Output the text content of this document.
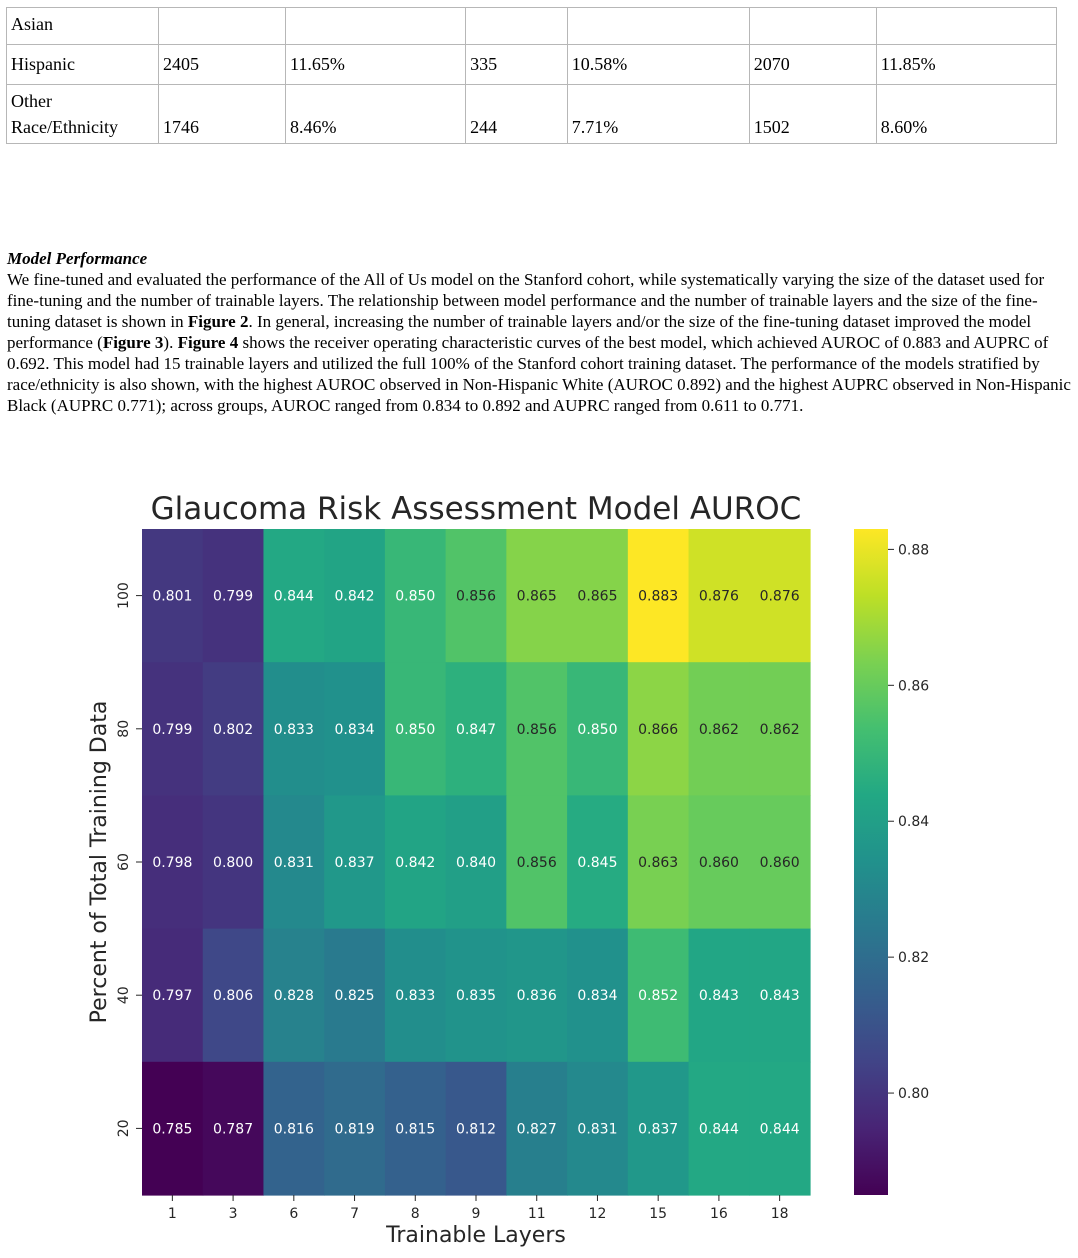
Asian						
Hispanic	2405	11.65%	335	10.58%	2070	11.85%
Other
Race/Ethnicity	1746	8.46%	244	7.71%	1502	8.60%
Model Performance

We fine-tuned and evaluated the performance of the All of Us model on the Stanford cohort, while systematically varying the size of the dataset used for fine-tuning and the number of trainable layers. The relationship between model performance and the number of trainable layers and the size of the fine-tuning dataset is shown in Figure 2. In general, increasing the number of trainable layers and/or the size of the fine-tuning dataset improved the model performance (Figure 3). Figure 4 shows the receiver operating characteristic curves of the best model, which achieved AUROC of 0.883 and AUPRC of 0.692. This model had 15 trainable layers and utilized the full 100% of the Stanford cohort training dataset. The performance of the models stratified by race/ethnicity is also shown, with the highest AUROC observed in Non-Hispanic White (AUROC 0.892) and the highest AUPRC observed in Non-Hispanic Black (AUPRC 0.771); across groups, AUROC ranged from 0.834 to 0.892 and AUPRC ranged from 0.611 to 0.771.

Glaucoma Risk Assessment Model AUROC
0.801 0.799 0.844 0.842 0.850 0.856 0.865 0.865 0.883 0.876 0.876
0.799 0.802 0.833 0.834 0.850 0.847 0.856 0.850 0.866 0.862 0.862
0.798 0.800 0.831 0.837 0.842 0.840 0.856 0.845 0.863 0.860 0.860
0.797 0.806 0.828 0.825 0.833 0.835 0.836 0.834 0.852 0.843 0.843
0.785 0.787 0.816 0.819 0.815 0.812 0.827 0.831 0.837 0.844 0.844
1	3	6	7	8	9	11	12	15	16	18
100
80
60
40
20
Trainable Layers
Percent of Total Training Data
0.80
0.82
0.84
0.86
0.88
